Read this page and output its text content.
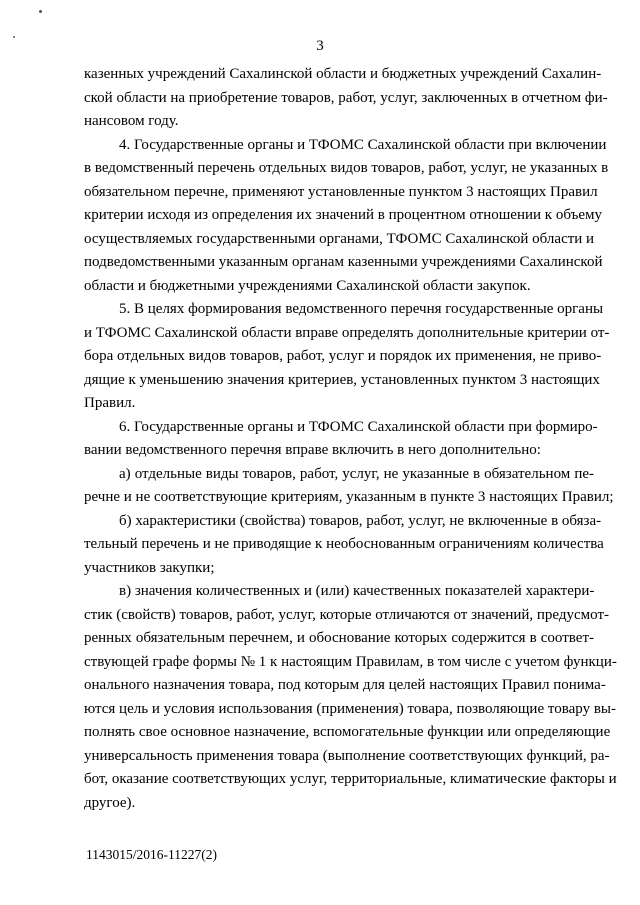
3
казенных учреждений Сахалинской области и бюджетных учреждений Сахалин-
ской области на приобретение товаров, работ, услуг, заключенных в отчетном фи-
нансовом году.
4. Государственные органы и ТФОМС Сахалинской области при включении
в ведомственный перечень отдельных видов товаров, работ, услуг, не указанных в
обязательном перечне, применяют установленные пунктом 3 настоящих Правил
критерии исходя из определения их значений в процентном отношении к объему
осуществляемых государственными органами, ТФОМС Сахалинской области и
подведомственными указанным органам казенными учреждениями Сахалинской
области и бюджетными учреждениями Сахалинской области закупок.
5. В целях формирования ведомственного перечня государственные органы
и ТФОМС Сахалинской области вправе определять дополнительные критерии от-
бора отдельных видов товаров, работ, услуг и порядок их применения, не приво-
дящие к уменьшению значения критериев, установленных пунктом 3 настоящих
Правил.
6. Государственные органы и ТФОМС Сахалинской области при формиро-
вании ведомственного перечня вправе включить в него дополнительно:
а) отдельные виды товаров, работ, услуг, не указанные в обязательном пе-
речне и не соответствующие критериям, указанным в пункте 3 настоящих Правил;
б) характеристики (свойства) товаров, работ, услуг, не включенные в обяза-
тельный перечень и не приводящие к необоснованным ограничениям количества
участников закупки;
в) значения количественных и (или) качественных показателей характери-
стик (свойств) товаров, работ, услуг, которые отличаются от значений, предусмот-
ренных обязательным перечнем, и обоснование которых содержится в соответ-
ствующей графе формы № 1 к настоящим Правилам, в том числе с учетом функци-
онального назначения товара, под которым для целей настоящих Правил понима-
ются цель и условия использования (применения) товара, позволяющие товару вы-
полнять свое основное назначение, вспомогательные функции или определяющие
универсальность применения товара (выполнение соответствующих функций, ра-
бот, оказание соответствующих услуг, территориальные, климатические факторы и
другое).
1143015/2016-11227(2)
